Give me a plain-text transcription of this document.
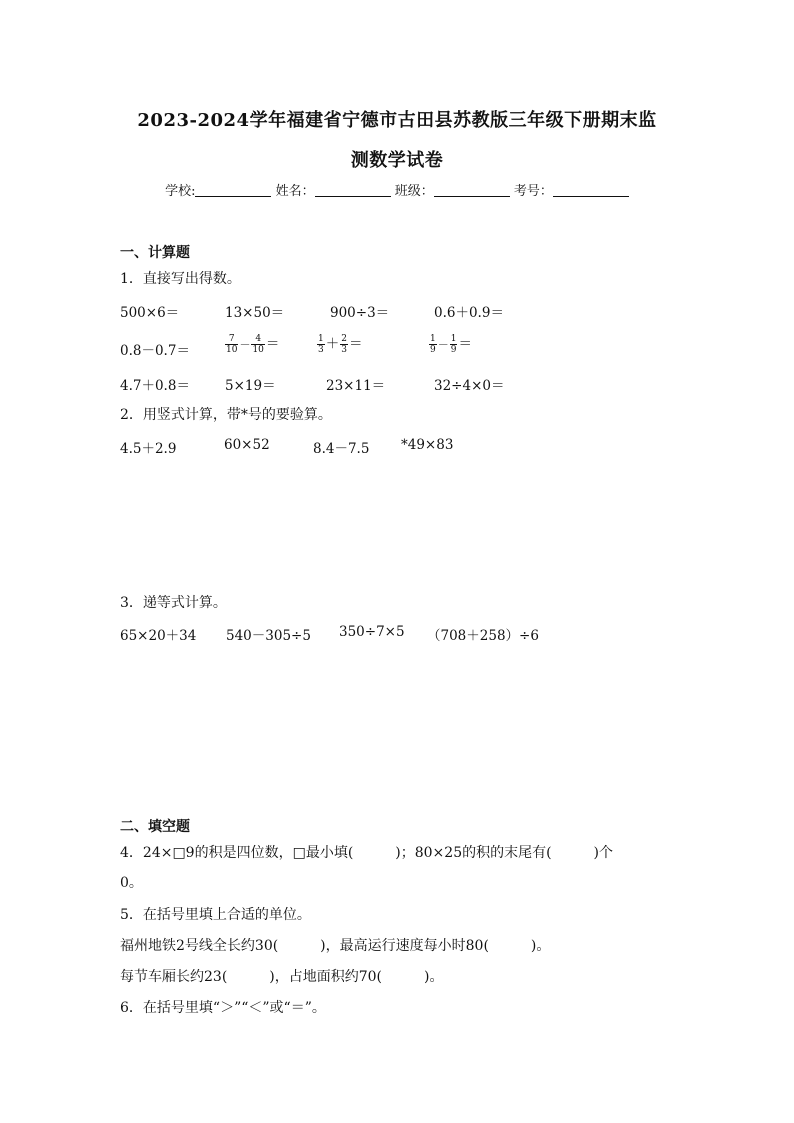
2023-2024学年福建省宁德市古田县苏教版三年级下册期末监
测数学试卷
学校:	姓名：	班级：	考号：
一、计算题
1．直接写出得数。
500×6＝	13×50＝	900÷3＝	0.6＋0.9＝
0.8－0.7＝	$\frac{7}{10} - \frac{4}{10}$ ＝	$\frac{1}{3} + \frac{2}{3}$ ＝	$\frac{1}{9} - \frac{1}{9}$ ＝
4.7＋0.8＝	5×19＝	23×11＝	32÷4×0＝
2．用竖式计算，带*号的要验算。
4.5＋2.9	60×52	8.4－7.5 *49×83
3．递等式计算。
65×20＋34 540－305÷5 350÷7×5 （708＋258）÷6
二、填空题
4．24×□9的积是四位数，□最小填(　　　)；80×25的积的末尾有(　　　)个
0。
5．在括号里填上合适的单位。
福州地铁2号线全长约30(　　　)，最高运行速度每小时80(　　　)。
每节车厢长约23(　　　)，占地面积约70(　　　)。
6．在括号里填“＞”“＜”或“＝”。
